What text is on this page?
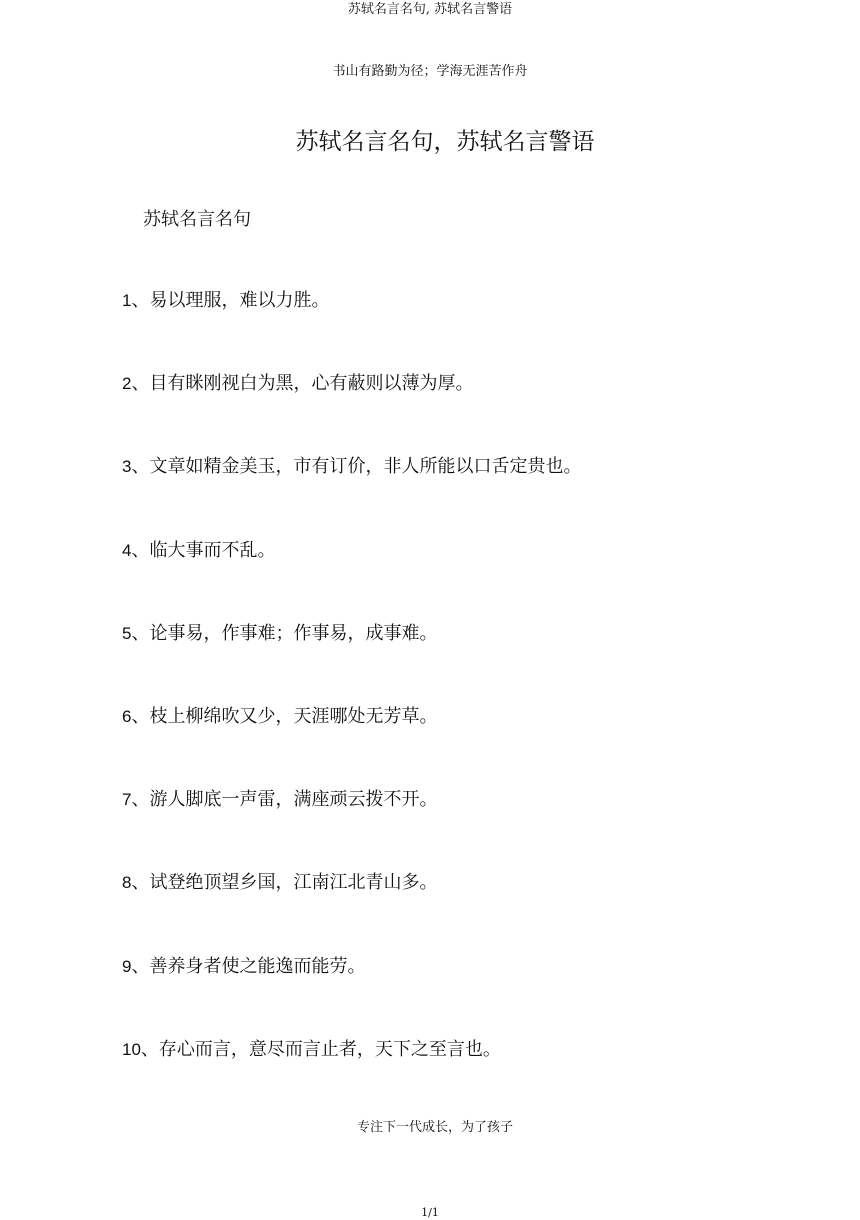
苏轼名言名句, 苏轼名言警语
书山有路勤为径；学海无涯苦作舟
苏轼名言名句，苏轼名言警语
苏轼名言名句
1、易以理服，难以力胜。
2、目有眯刚视白为黑，心有蔽则以薄为厚。
3、文章如精金美玉，市有订价，非人所能以口舌定贵也。
4、临大事而不乱。
5、论事易，作事难；作事易，成事难。
6、枝上柳绵吹又少，天涯哪处无芳草。
7、游人脚底一声雷，满座顽云拨不开。
8、试登绝顶望乡国，江南江北青山多。
9、善养身者使之能逸而能劳。
10、存心而言，意尽而言止者，天下之至言也。
专注下一代成长，为了孩子
1/1
